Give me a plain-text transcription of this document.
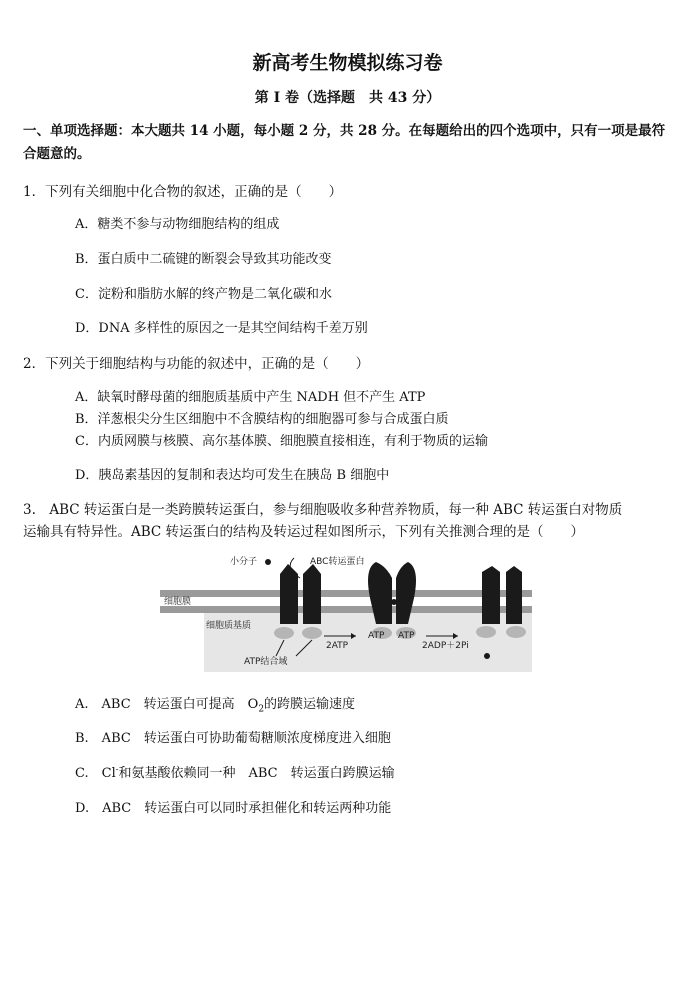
新高考生物模拟练习卷
第 Ⅰ 卷（选择题　共 43 分）
一、单项选择题：本大题共 14 小题，每小题 2 分，共 28 分。在每题给出的四个选项中，只有一项是最符合题意的。
1．下列有关细胞中化合物的叙述，正确的是（　　）
A．糖类不参与动物细胞结构的组成
B．蛋白质中二硫键的断裂会导致其功能改变
C．淀粉和脂肪水解的终产物是二氧化碳和水
D．DNA 多样性的原因之一是其空间结构千差万别
2．下列关于细胞结构与功能的叙述中，正确的是（　　）
A．缺氧时酵母菌的细胞质基质中产生 NADH 但不产生 ATP
B．洋葱根尖分生区细胞中不含膜结构的细胞器可参与合成蛋白质
C．内质网膜与核膜、高尔基体膜、细胞膜直接相连，有利于物质的运输
D．胰岛素基因的复制和表达均可发生在胰岛 B 细胞中
3.　ABC 转运蛋白是一类跨膜转运蛋白，参与细胞吸收多种营养物质，每一种 ABC 转运蛋白对物质
运输具有特异性。ABC 转运蛋白的结构及转运过程如图所示，下列有关推测合理的是（　　）
小分子	ABC转运蛋白
细胞膜
细胞质基质
ATP结合域
2ATP
ATP ATP
2ADP＋2Pi
A.　ABC　转运蛋白可提高　$O_2$的跨膜运输速度
B.　ABC　转运蛋白可协助葡萄糖顺浓度梯度进入细胞
C.　Cl-和氨基酸依赖同一种　ABC　转运蛋白跨膜运输
D.　ABC　转运蛋白可以同时承担催化和转运两种功能
